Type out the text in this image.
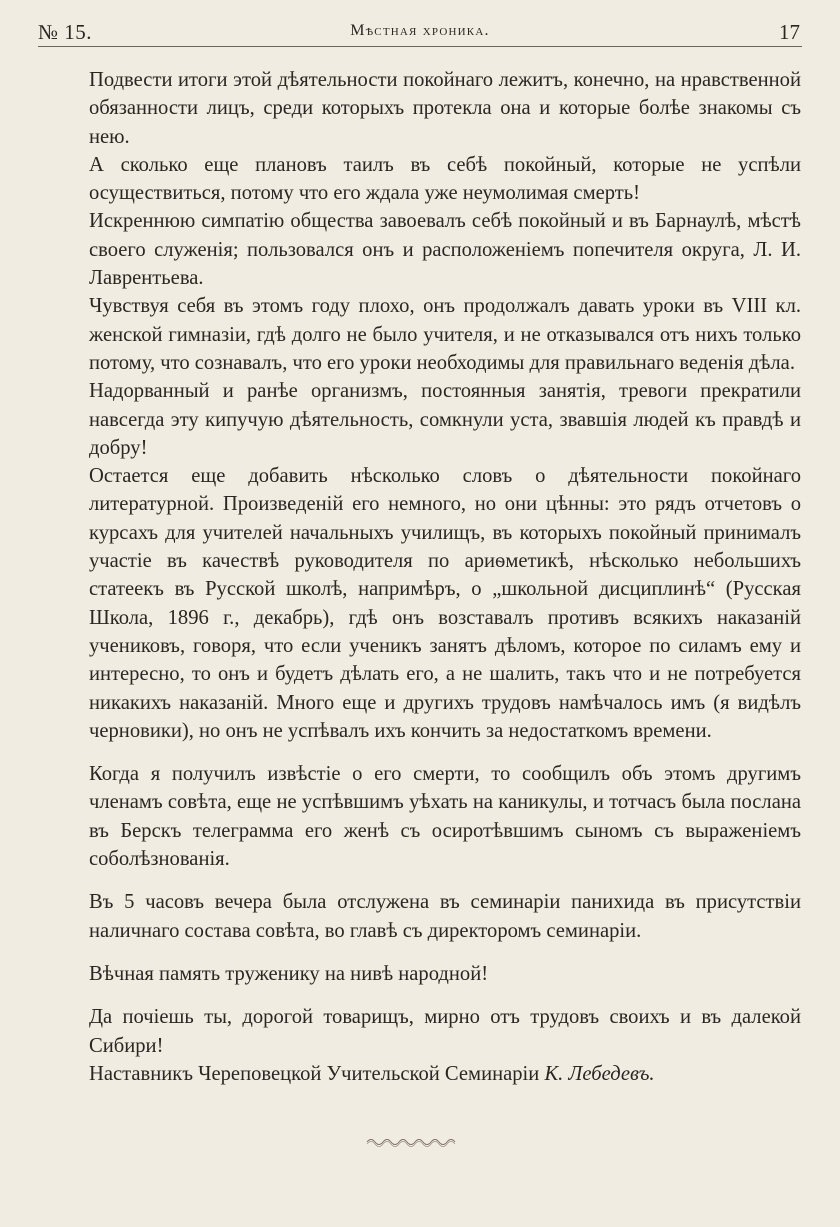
№ 15.	Мѣстная хроника.	17

Подвести итоги этой дѣятельности покойнаго лежитъ, конечно, на нравственной обязанности лицъ, среди которыхъ протекла она и которые болѣе знакомы съ нею.

А сколько еще плановъ таилъ въ себѣ покойный, которые не успѣли осуществиться, потому что его ждала уже неумолимая смерть!

Искреннюю симпатію общества завоевалъ себѣ покойный и въ Барнаулѣ, мѣстѣ своего служенія; пользовался онъ и расположеніемъ попечителя округа, Л. И. Лаврентьева.

Чувствуя себя въ этомъ году плохо, онъ продолжалъ давать уроки въ VIII кл. женской гимназіи, гдѣ долго не было учителя, и не отказывался отъ нихъ только потому, что сознавалъ, что его уроки необходимы для правильнаго веденія дѣла.

Надорванный и ранѣе организмъ, постоянныя занятія, тревоги прекратили навсегда эту кипучую дѣятельность, сомкнули уста, звавшія людей къ правдѣ и добру!

Остается еще добавить нѣсколько словъ о дѣятельности покойнаго литературной. Произведеній его немного, но они цѣнны: это рядъ отчетовъ о курсахъ для учителей начальныхъ училищъ, въ которыхъ покойный принималъ участіе въ качествѣ руководителя по ариѳметикѣ, нѣсколько небольшихъ статеекъ въ Русской школѣ, напримѣръ, о „школьной дисциплинѣ“ (Русская Школа, 1896 г., декабрь), гдѣ онъ возставалъ противъ всякихъ наказаній учениковъ, говоря, что если ученикъ занятъ дѣломъ, которое по силамъ ему и интересно, то онъ и будетъ дѣлать его, а не шалить, такъ что и не потребуется никакихъ наказаній. Много еще и другихъ трудовъ намѣчалось имъ (я видѣлъ черновики), но онъ не успѣвалъ ихъ кончить за недостаткомъ времени.

Когда я получилъ извѣстіе о его смерти, то сообщилъ объ этомъ другимъ членамъ совѣта, еще не успѣвшимъ уѣхать на каникулы, и тотчасъ была послана въ Берскъ телеграмма его женѣ съ осиротѣвшимъ сыномъ съ выраженіемъ соболѣзнованія.

Въ 5 часовъ вечера была отслужена въ семинаріи панихида въ присутствіи наличнаго состава совѣта, во главѣ съ директоромъ семинаріи.

Вѣчная память труженику на нивѣ народной!

Да почіешь ты, дорогой товарищъ, мирно отъ трудовъ своихъ и въ далекой Сибири!

Наставникъ Череповецкой Учительской Семинаріи К. Лебедевъ.
